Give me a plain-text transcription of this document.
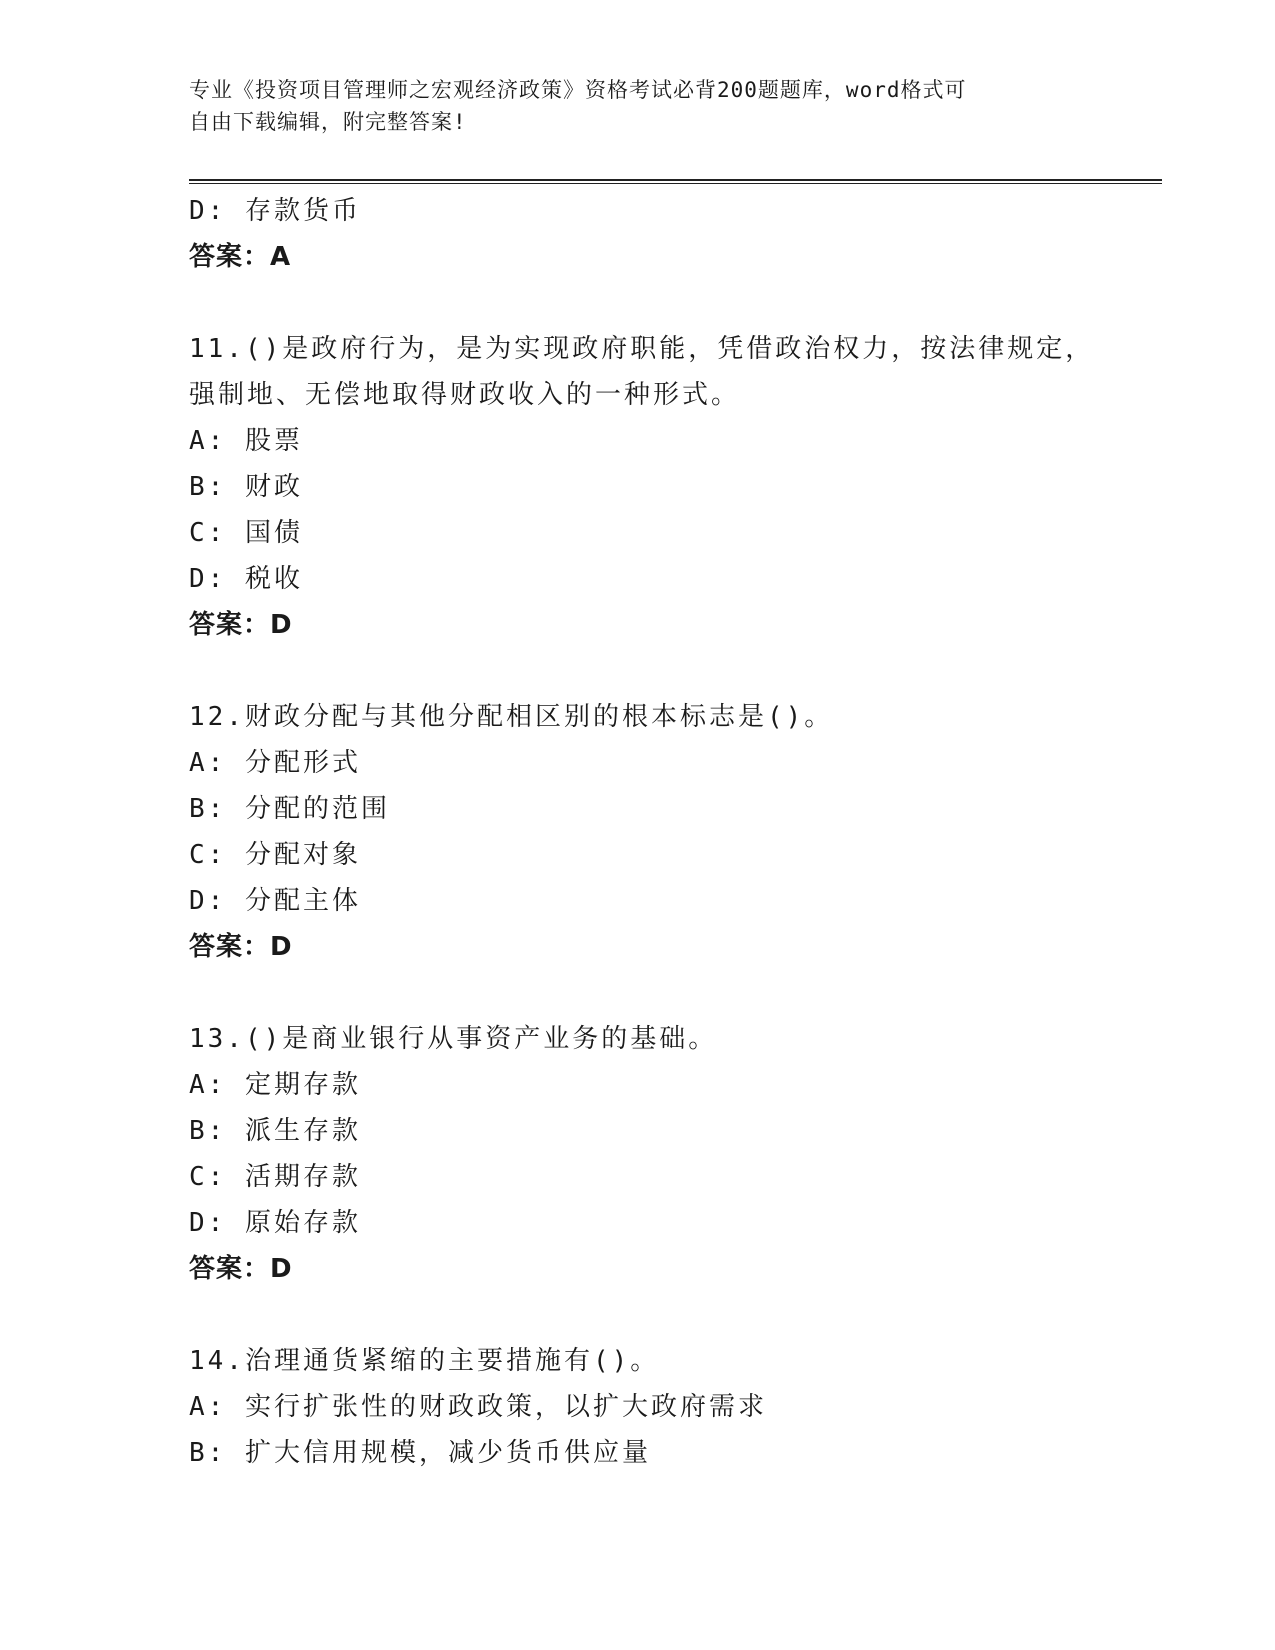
专业《投资项目管理师之宏观经济政策》资格考试必背200题题库，word格式可
自由下载编辑，附完整答案!
D: 存款货币
答案：A
11.()是政府行为，是为实现政府职能，凭借政治权力，按法律规定，
强制地、无偿地取得财政收入的一种形式。
A: 股票
B: 财政
C: 国债
D: 税收
答案：D
12.财政分配与其他分配相区别的根本标志是()。
A: 分配形式
B: 分配的范围
C: 分配对象
D: 分配主体
答案：D
13.()是商业银行从事资产业务的基础。
A: 定期存款
B: 派生存款
C: 活期存款
D: 原始存款
答案：D
14.治理通货紧缩的主要措施有()。
A: 实行扩张性的财政政策，以扩大政府需求
B: 扩大信用规模，减少货币供应量
